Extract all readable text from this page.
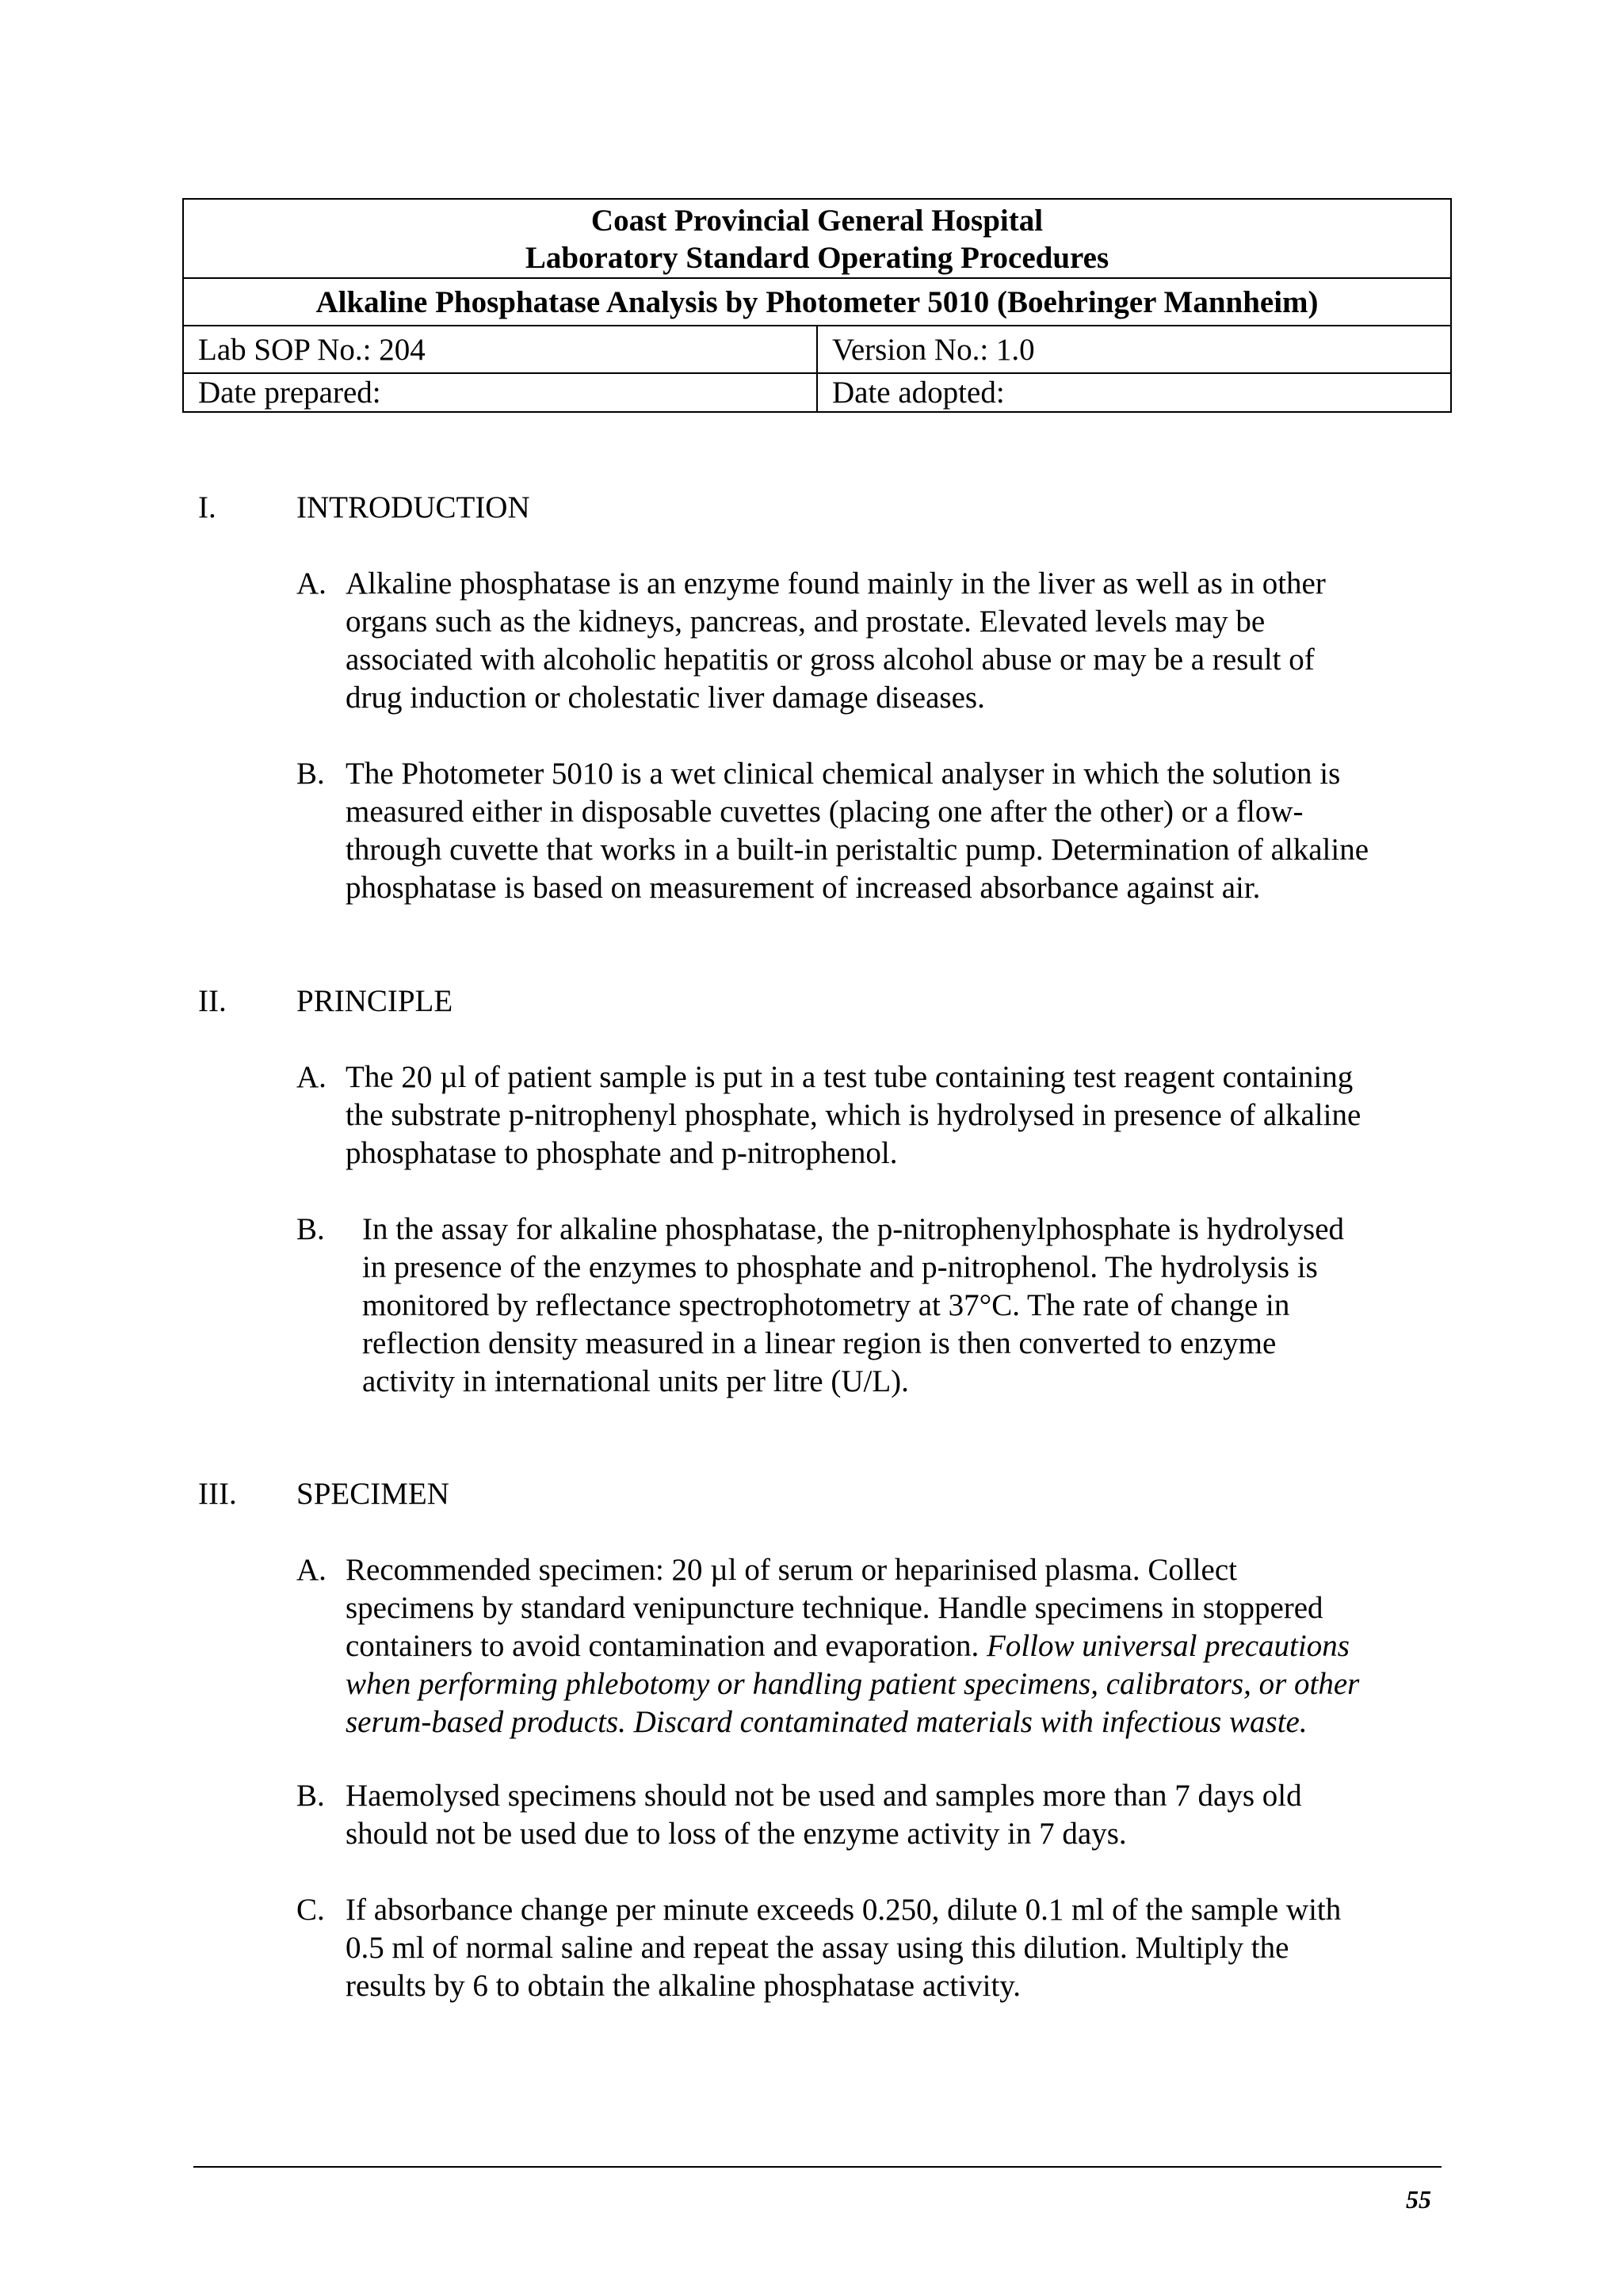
Coast Provincial General Hospital
Laboratory Standard Operating Procedures	

Alkaline Phosphatase Analysis by Photometer 5010 (Boehringer Mannheim)	
Lab SOP No.: 204	Version No.: 1.0
Date prepared:	Date adopted:
I.	INTRODUCTION
A. Alkaline phosphatase is an enzyme found mainly in the liver as well as in other
organs such as the kidneys, pancreas, and prostate. Elevated levels may be
associated with alcoholic hepatitis or gross alcohol abuse or may be a result of
drug induction or cholestatic liver damage diseases.
B. The Photometer 5010 is a wet clinical chemical analyser in which the solution is
measured either in disposable cuvettes (placing one after the other) or a flow-
through cuvette that works in a built-in peristaltic pump. Determination of alkaline
phosphatase is based on measurement of increased absorbance against air.
II. PRINCIPLE
A. The 20 µl of patient sample is put in a test tube containing test reagent containing
the substrate p-nitrophenyl phosphate, which is hydrolysed in presence of alkaline
phosphatase to phosphate and p-nitrophenol.
B. In the assay for alkaline phosphatase, the p-nitrophenylphosphate is hydrolysed
in presence of the enzymes to phosphate and p-nitrophenol. The hydrolysis is
monitored by reflectance spectrophotometry at 37°C. The rate of change in
reflection density measured in a linear region is then converted to enzyme
activity in international units per litre (U/L).
III. SPECIMEN
A. Recommended specimen: 20 µl of serum or heparinised plasma. Collect
specimens by standard venipuncture technique. Handle specimens in stoppered
containers to avoid contamination and evaporation. Follow universal precautions
when performing phlebotomy or handling patient specimens, calibrators, or other
serum-based products. Discard contaminated materials with infectious waste.
B. Haemolysed specimens should not be used and samples more than 7 days old
should not be used due to loss of the enzyme activity in 7 days.
C. If absorbance change per minute exceeds 0.250, dilute 0.1 ml of the sample with
0.5 ml of normal saline and repeat the assay using this dilution. Multiply the
results by 6 to obtain the alkaline phosphatase activity.
55
